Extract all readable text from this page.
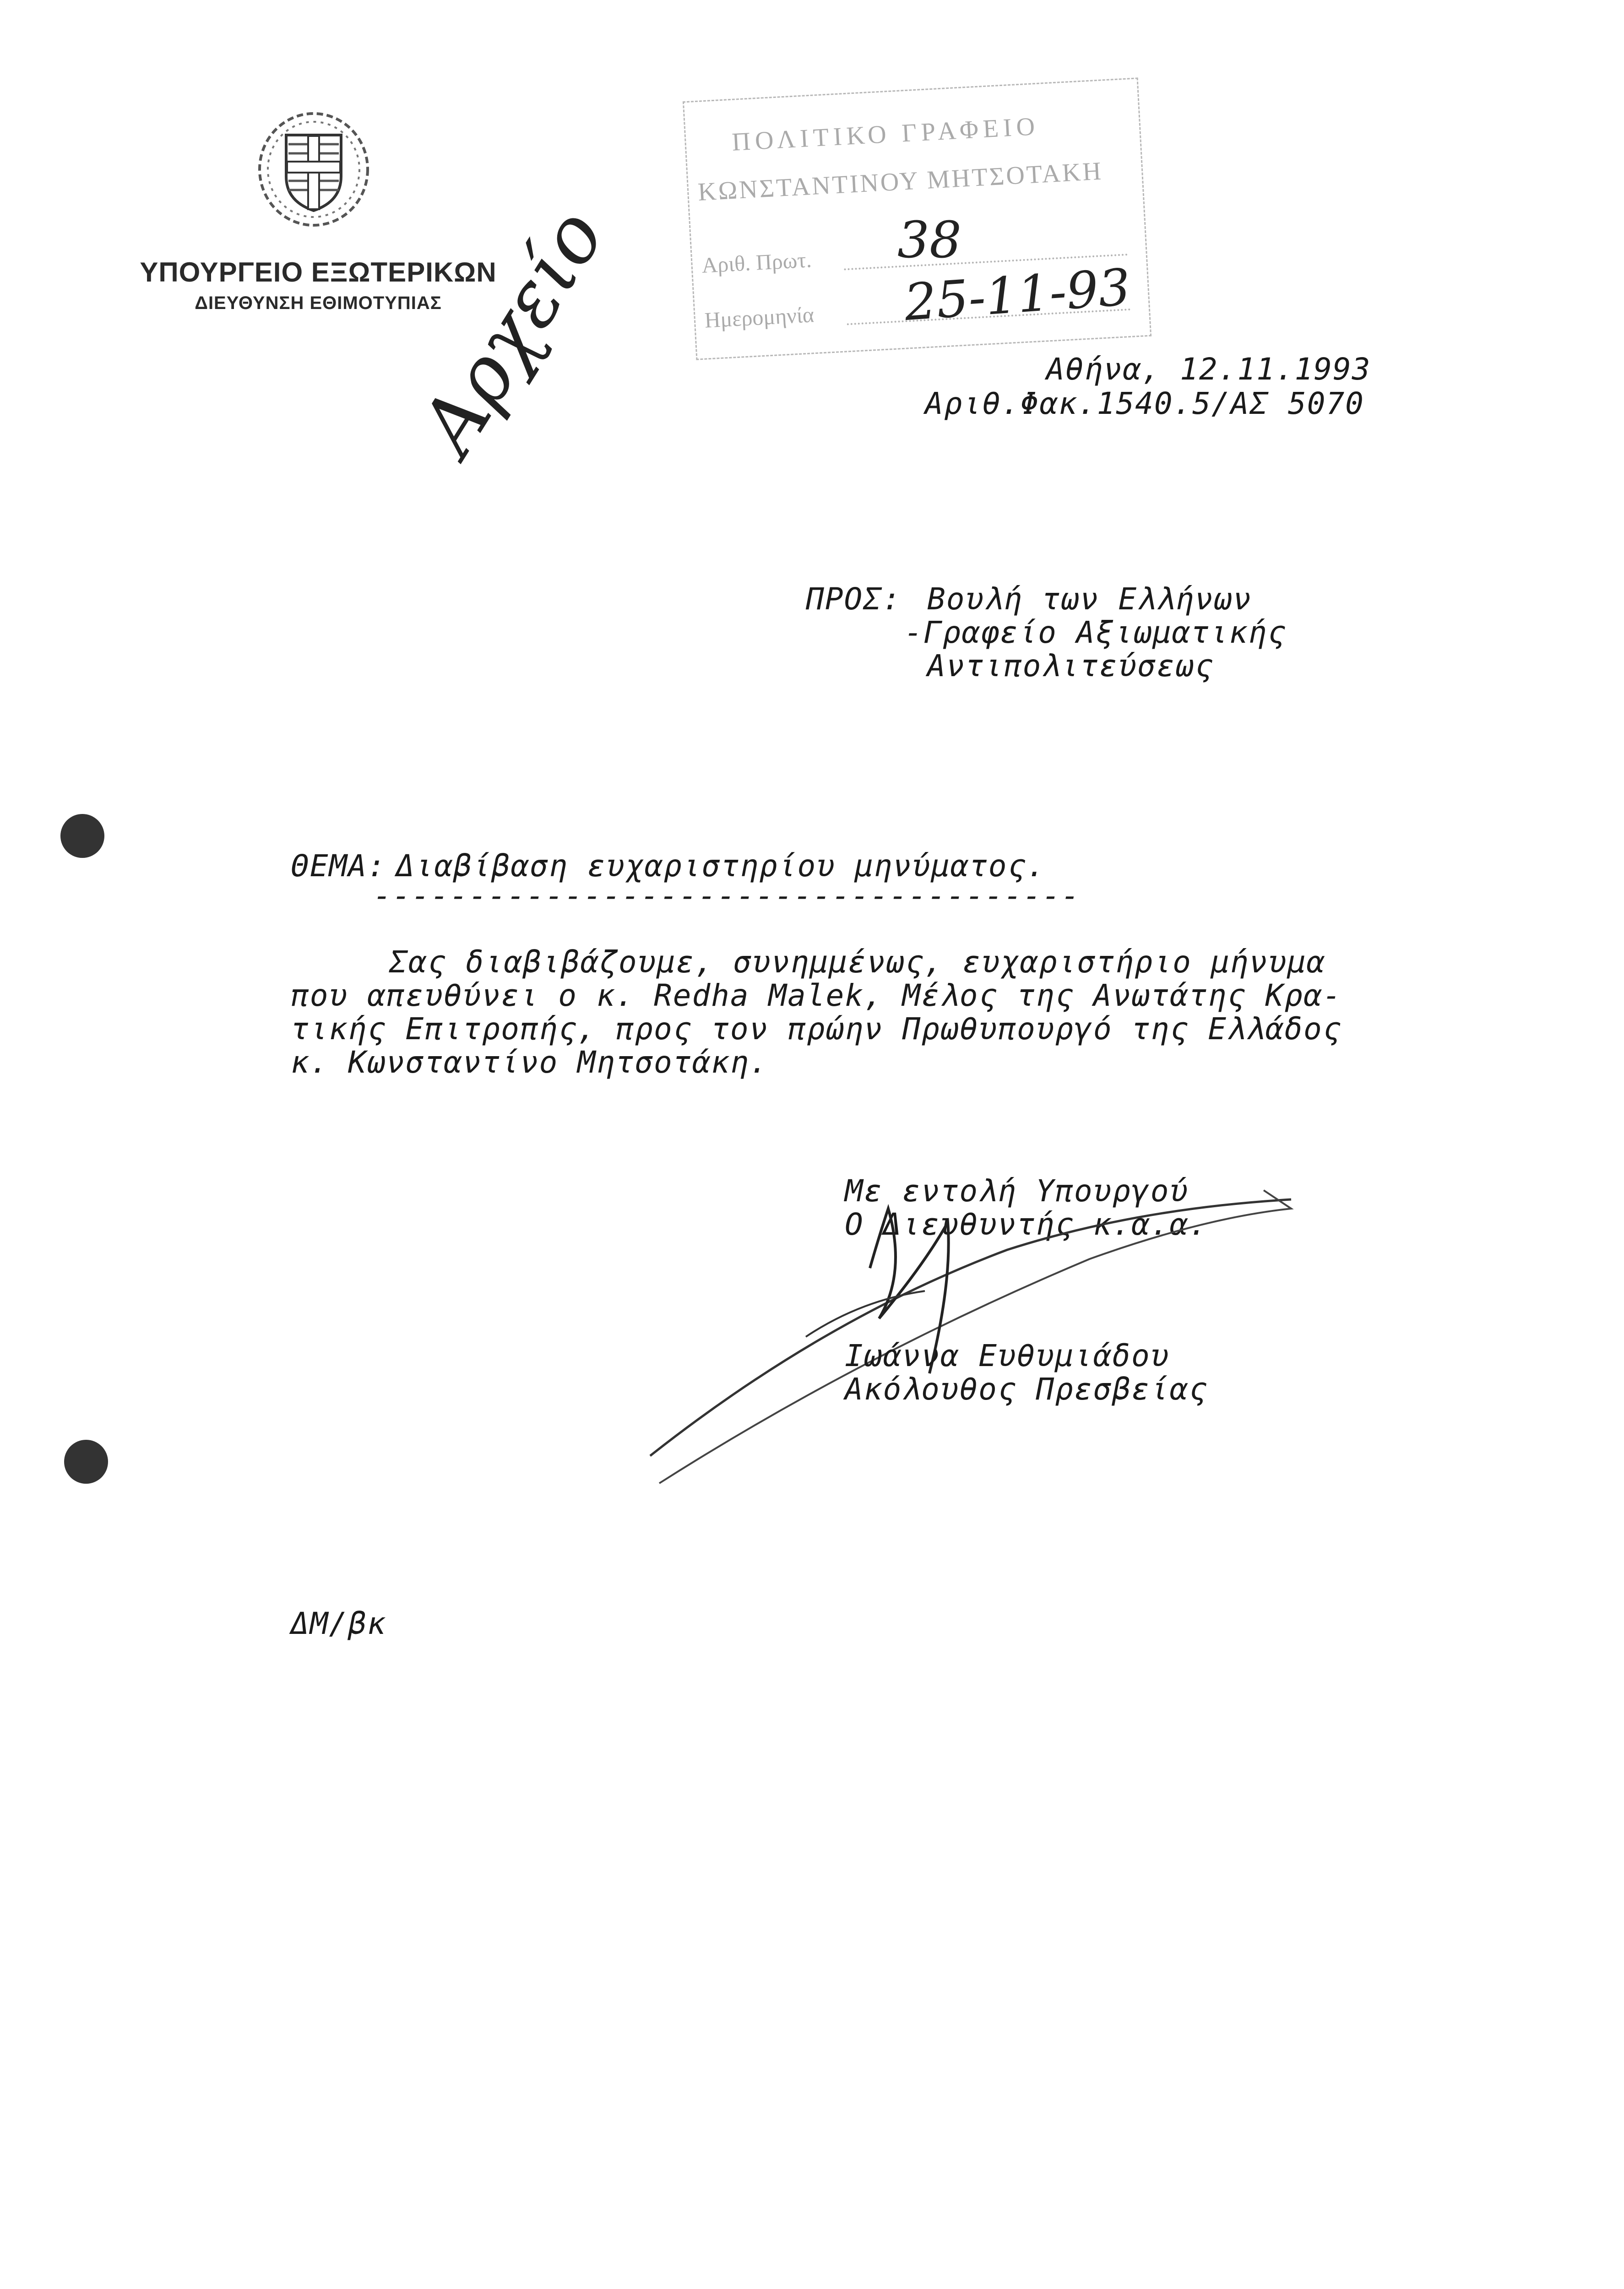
ΥΠΟΥΡΓΕΙΟ ΕΞΩΤΕΡΙΚΩΝ
ΔΙΕΥΘΥΝΣΗ ΕΘΙΜΟΤΥΠΙΑΣ
ΠΟΛΙΤΙΚΟ ΓΡΑΦΕΙΟ
ΚΩΝΣΤΑΝΤΙΝΟΥ ΜΗΤΣΟΤΑΚΗ
Αριθ. Πρωτ.
Ημερομηνία
38
25-11-93
Αρχείο	Αθήνα, 12.11.1993
Αριθ.Φακ.1540.5/ΑΣ 5070
ΠΡΟΣ: Βουλή των Ελλήνων
-Γραφείο Αξιωματικής
Αντιπολιτεύσεως
ΘΕΜΑ: Διαβίβαση ευχαριστηρίου μηνύματος.
-------------------------------------
Σας διαβιβάζουμε, συνημμένως, ευχαριστήριο μήνυμα
που απευθύνει ο κ. Redha Malek, Μέλος της Ανωτάτης Κρα-
τικής Επιτροπής, προς τον πρώην Πρωθυπουργό της Ελλάδος
κ. Κωνσταντίνο Μητσοτάκη.
Με εντολή Υπουργού
Ο Διευθυντής κ.α.α.
Ιωάννα Ευθυμιάδου
Ακόλουθος Πρεσβείας
ΔΜ/βκ
